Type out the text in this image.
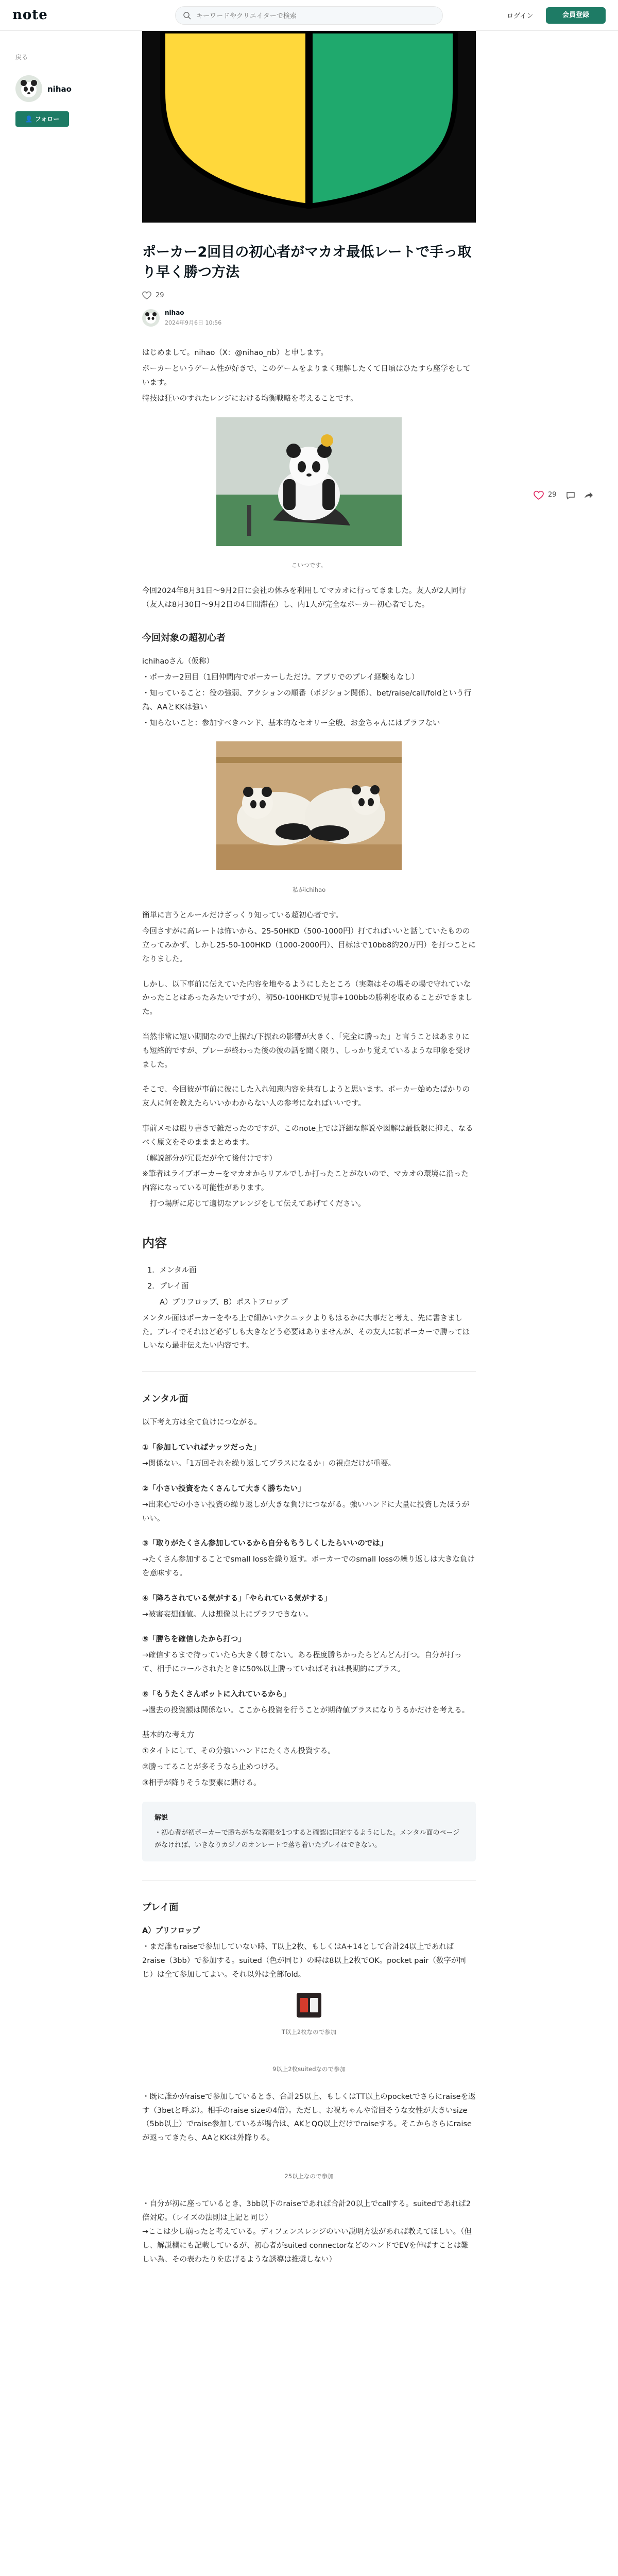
note
キーワードやクリエイターで検索	ログイン	会員登録
戻る
nihao
👤 フォロー
29
ポーカー2回目の初心者がマカオ最低レートで手っ取り早く勝つ方法
29
nihao
2024年9月6日 10:56

はじめまして。nihao（X：@nihao_nb）と申します。

ポーカーというゲーム性が好きで、このゲームをよりまく理解したくて日頃はひたすら座学をしています。

特技は狂いのすれたレンジにおける均衡戦略を考えることです。

こいつです。

今回2024年8月31日〜9月2日に会社の休みを利用してマカオに行ってきました。友人が2人同行（友人は8月30日〜9月2日の4日間滞在）し、内1人が完全なポーカー初心者でした。

今回対象の超初心者

ichihaoさん（仮称）

・ポーカー2回目（1回仲間内でポーカーしただけ。アプリでのプレイ経験もなし）

・知っていること：役の強弱、アクションの順番（ポジション関係）、bet/raise/call/foldという行為、AAとKKは強い

・知らないこと：参加すべきハンド、基本的なセオリー全般、お金ちゃんにはプラフない

私がichihao

簡単に言うとルールだけざっくり知っている超初心者です。

今回さすがに高レートは怖いから、25-50HKD（500-1000円）打てればいいと話していたものの立ってみかず、しかし25-50-100HKD（1000-2000円）、目标はで10bb8約20万円）を打つことになりました。

しかし、以下事前に伝えていた内容を地やるようにしたところ（実際はその場その場で守れていなかったことはあったみたいですが）、初50-100HKDで見事+100bbの勝利を収めることができました。

当然非常に短い期間なので上振れ/下振れの影響が大きく、「完全に勝った」と言うことはあまりにも短絡的ですが、プレーが終わった後の彼の話を聞く限り、しっかり覚えているような印象を受けました。

そこで、今回彼が事前に彼にした入れ知恵内容を共有しようと思います。ポーカー始めたばかりの友人に何を教えたらいいかわからない人の参考になればいいです。

事前メモは殴り書きで雑だったのですが、このnote上では詳細な解説や図解は最低限に抑え、なるべく原文をそのまままとめます。

（解説部分が冗長だが全て後付けです）

※筆者はライブポーカーをマカオからリアルでしか打ったことがないので、マカオの環境に沿った内容になっている可能性があります。

　打つ場所に応じて適切なアレンジをして伝えてあげてください。

内容

1．メンタル面

2．プレイ面

A）プリフロップ、B）ポストフロップ

メンタル面はポーカーをやる上で細かいテクニックよりもはるかに大事だと考え、先に書きました。プレイでそれほど必ずしも大きなどう必要はありませんが、その友人に初ポーカーで勝ってほしいなら最非伝えたい内容です。

メンタル面

以下考え方は全て負けにつながる。

①「参加していればナッツだった」

→関係ない。「1万回それを繰り返してプラスになるか」の視点だけが重要。

②「小さい投資をたくさんして大きく勝ちたい」

→出来心での小さい投資の繰り返しが大きな負けにつながる。強いハンドに大量に投資したほうがいい。

③「取りがたくさん参加しているから自分もちうしくしたらいいのでは」

→たくさん参加することでsmall lossを繰り返す。ポーカーでのsmall lossの繰り返しは大きな負けを意味する。

④「降ろされている気がする」「やられている気がする」

→被害妄想価値。人は想像以上にプラフできない。

⑤「勝ちを確信したから打つ」

→確信するまで待っていたら大きく勝てない。ある程度勝ちかったらどんどん打つ。自分が打って、相手にコールされたときに50%以上勝っていればそれは長期的にプラス。

⑥「もうたくさんポットに入れているから」

→過去の投資額は関係ない。ここから投資を行うことが期待値プラスになりうるかだけを考える。

基本的な考え方

①タイトにして、その分強いハンドにたくさん投資する。

②勝ってることが多そうなら止めつけろ。

③相手が降りそうな要素に賭ける。

解説
・初心者が初ポーカーで勝ちがちな着眼を1つすると確認に固定するようにした。メンタル面のページがなければ、いきなりカジノのオンレートで落ち着いたプレイはできない。
プレイ面

A）プリフロップ

・まだ誰もraiseで参加していない時、T以上2枚、もしくはA+14として合計24以上であれば2raise（3bb）で参加する。suited（色が同じ）の時は8以上2枚でOK。pocket pair（数字が同じ）は全て参加してよい。それ以外は全部fold。

T以上2枚なので参加
9以上2枚suitedなので参加

・既に誰かがraiseで参加しているとき、合計25以上、もしくはTT以上のpocketでさらにraiseを返す（3betと呼ぶ）。相手のraise sizeの4倍）。ただし、お祝ちゃんや常回そうな女性が大きいsize（5bb以上）でraise参加しているが場合は、AKとQQ以上だけでraiseする。そこからさらにraiseが返ってきたら、AAとKKは外降りる。

25以上なので参加

・自分が初に座っているとき、3bb以下のraiseであれば合計20以上でcallする。suitedであれば2倍対応。（レイズの法則は上記と同じ）
→ここは少し崩ったと考えている。ディフェンスレンジのいい説明方法があれば教えてほしい。（但し、解説欄にも記載しているが、初心者がsuited connectorなどのハンドでEVを伸ばすことは難しい為、その表わたりを広げるような誘導は推奨しない）
